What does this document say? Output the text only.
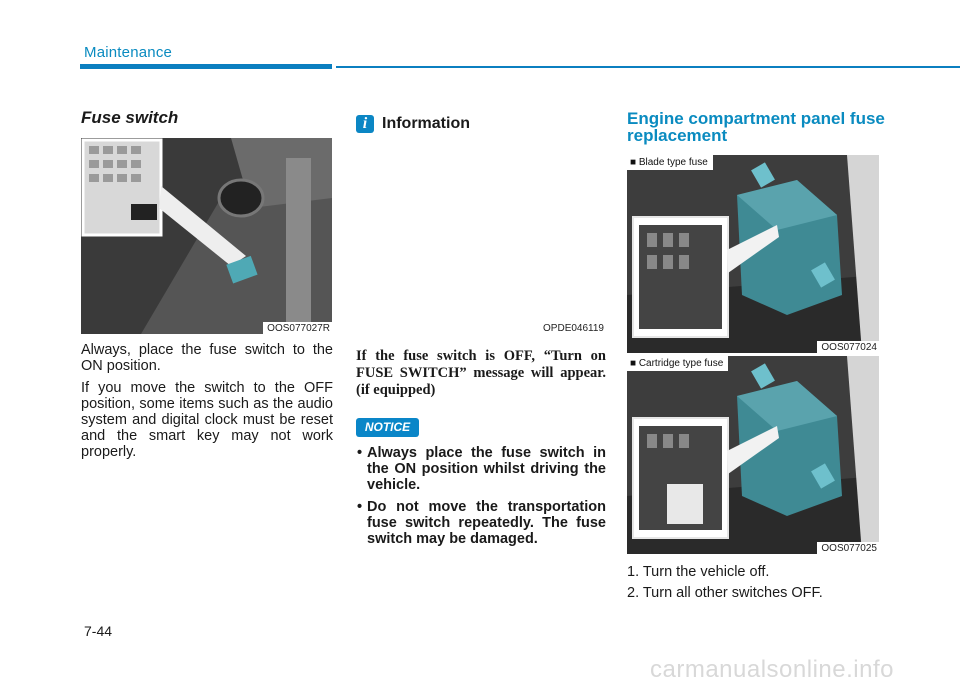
Maintenance
Fuse switch
OOS077027R
Always, place the fuse switch to the ON position.
If you move the switch to the OFF position, some items such as the audio system and digital clock must be reset and the smart key may not work properly.
i Information
OPDE046119
If the fuse switch is OFF, “Turn on FUSE SWITCH” message will appear. (if equipped)
NOTICE
• Always place the fuse switch in the ON position whilst driving the vehicle.
• Do not move the transportation fuse switch repeatedly. The fuse switch may be damaged.
Engine compartment panel fuse replacement
■ Blade type fuse
OOS077024
■ Cartridge type fuse
OOS077025
1. Turn the vehicle off.
2. Turn all other switches OFF.
7-44
carmanualsonline.info
